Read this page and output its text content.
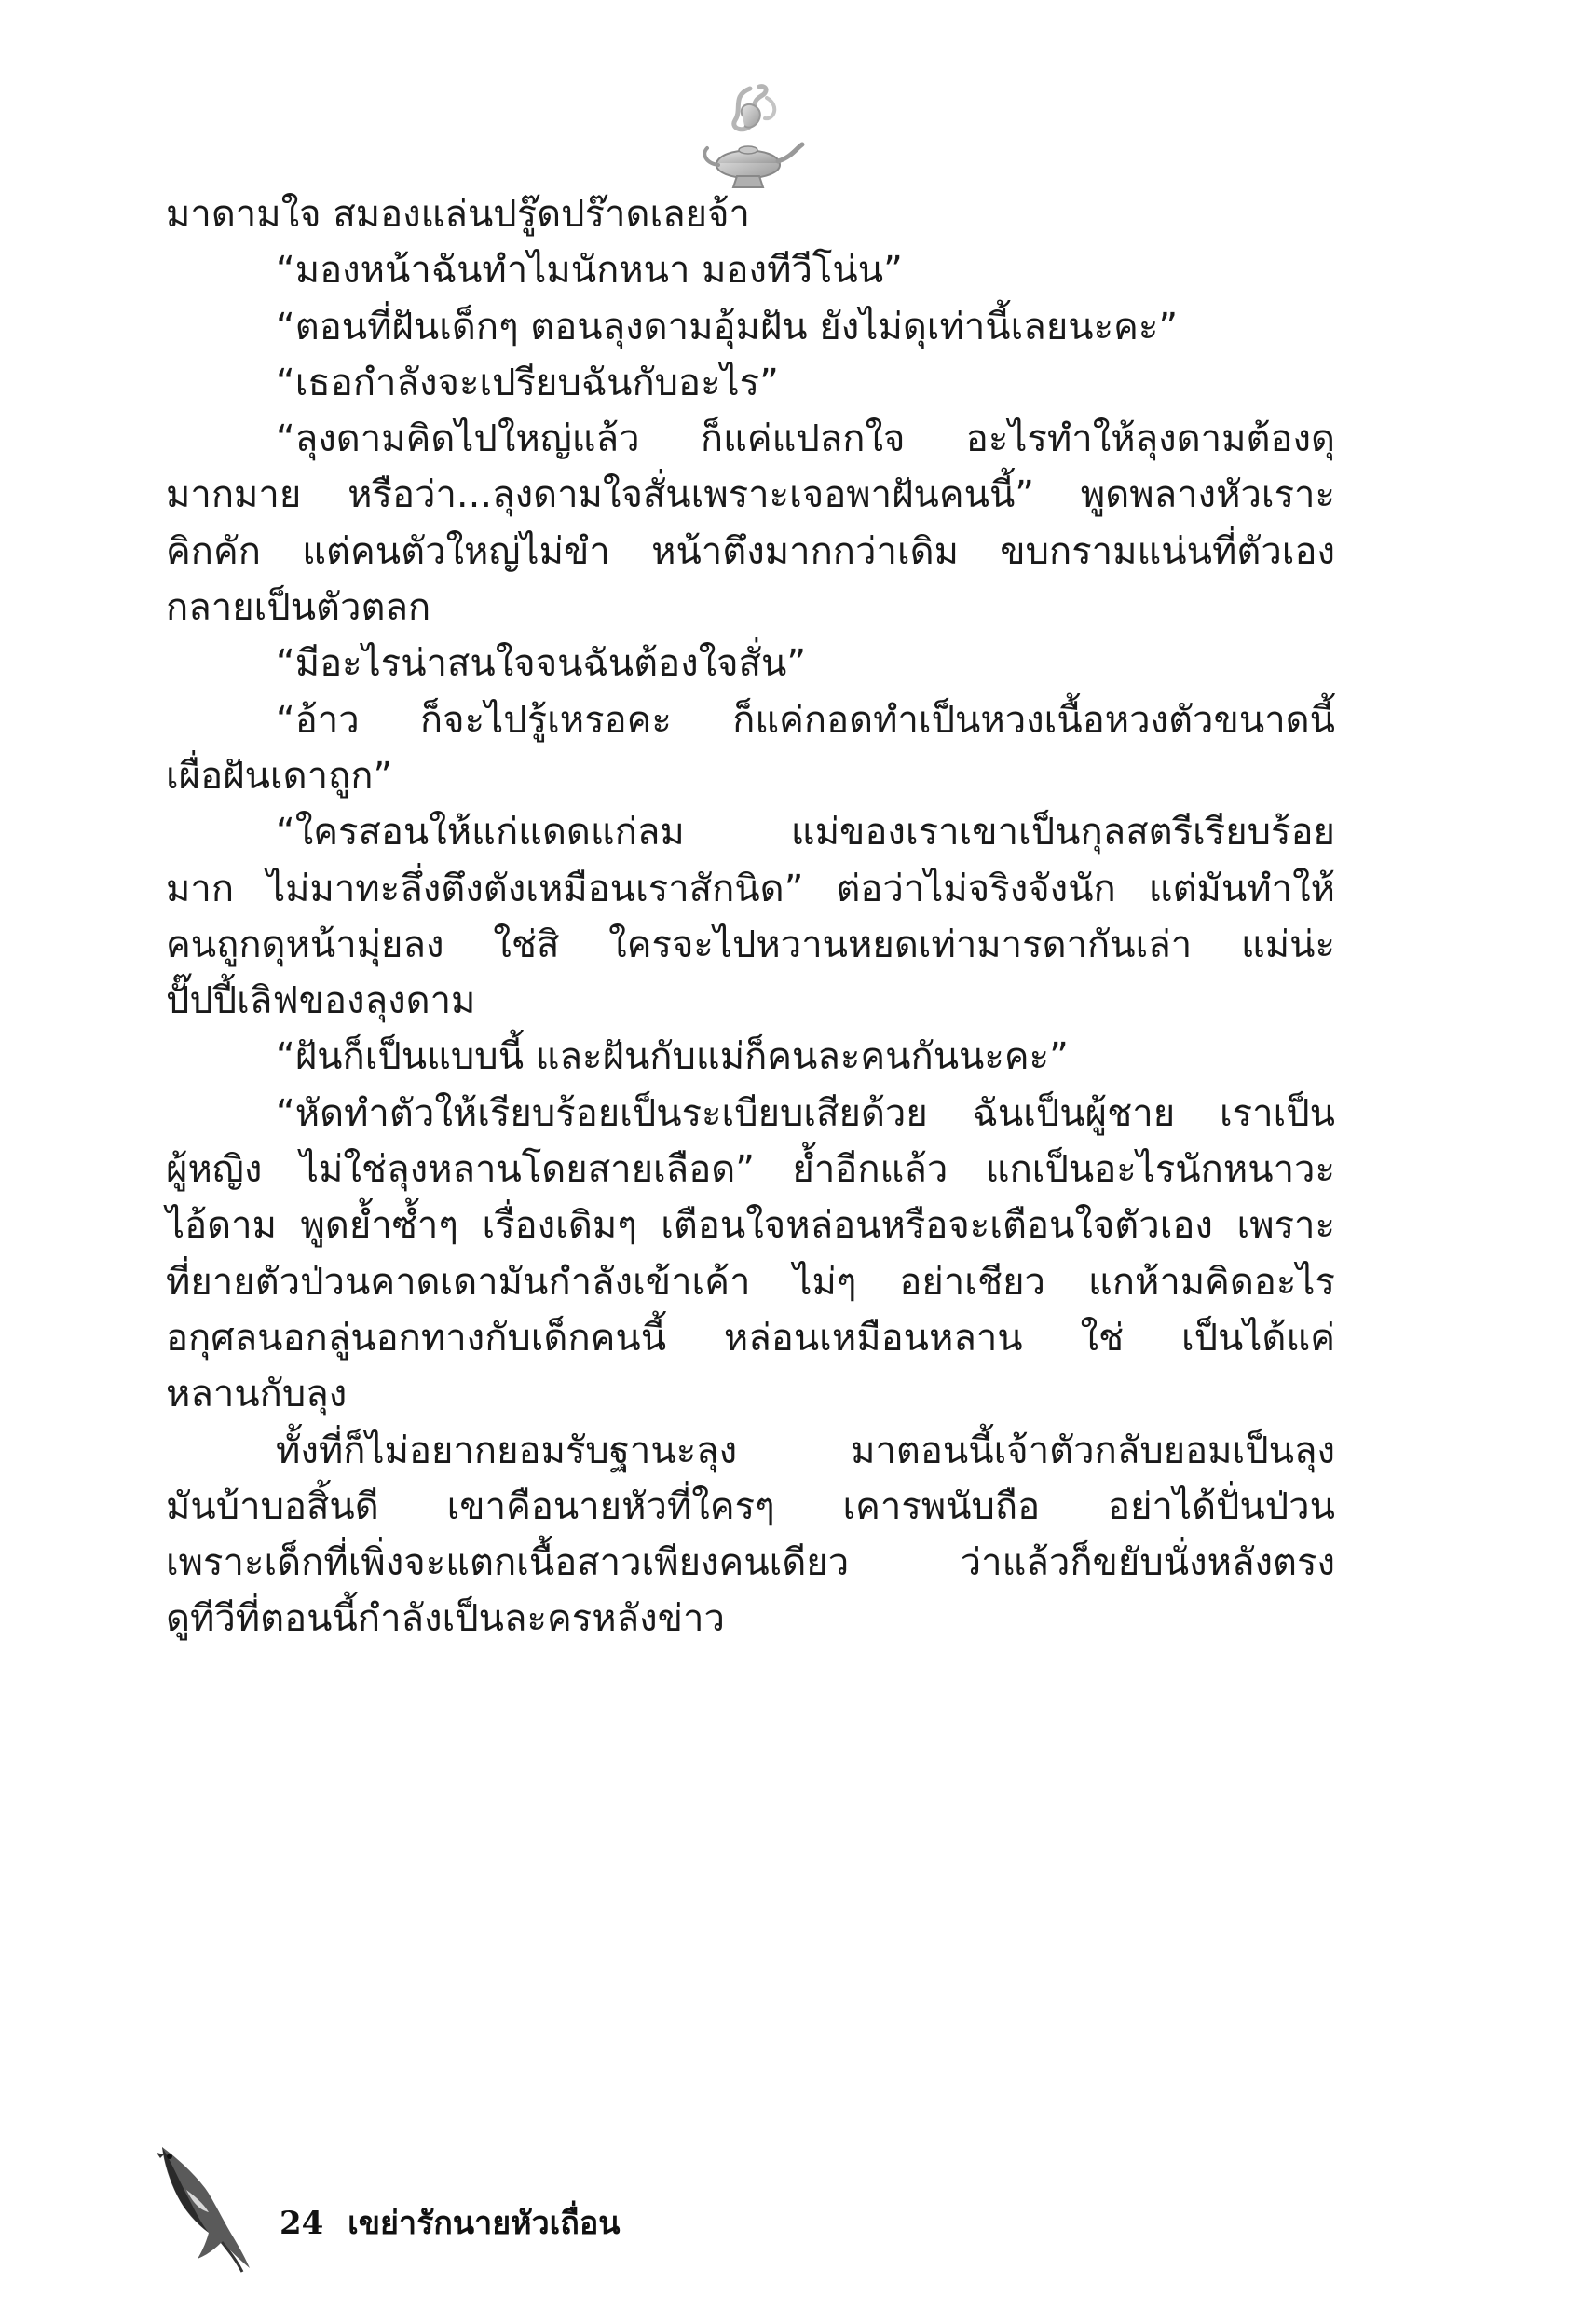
มาดามใจ สมองแล่นปรู๊ดปร๊าดเลยจ้า
“มองหน้าฉันทำไมนักหนา มองทีวีโน่น”
“ตอนที่ฝันเด็กๆ ตอนลุงดามอุ้มฝัน ยังไม่ดุเท่านี้เลยนะคะ”
“เธอกำลังจะเปรียบฉันกับอะไร”
“ลุงดามคิดไปใหญ่แล้ว ก็แค่แปลกใจ อะไรทำให้ลุงดามต้องดุ
มากมาย หรือว่า...ลุงดามใจสั่นเพราะเจอพาฝันคนนี้” พูดพลางหัวเราะ
คิกคัก แต่คนตัวใหญ่ไม่ขำ หน้าตึงมากกว่าเดิม ขบกรามแน่นที่ตัวเอง
กลายเป็นตัวตลก
“มีอะไรน่าสนใจจนฉันต้องใจสั่น”
“อ้าว ก็จะไปรู้เหรอคะ ก็แค่กอดทำเป็นหวงเนื้อหวงตัวขนาดนี้
เผื่อฝันเดาถูก”
“ใครสอนให้แก่แดดแก่ลม แม่ของเราเขาเป็นกุลสตรีเรียบร้อย
มาก ไม่มาทะลึ่งตึงตังเหมือนเราสักนิด” ต่อว่าไม่จริงจังนัก แต่มันทำให้
คนถูกดุหน้ามุ่ยลง ใช่สิ ใครจะไปหวานหยดเท่ามารดากันเล่า แม่น่ะ
ปั๊ปปี้เลิฟของลุงดาม
“ฝันก็เป็นแบบนี้ และฝันกับแม่ก็คนละคนกันนะคะ”
“หัดทำตัวให้เรียบร้อยเป็นระเบียบเสียด้วย ฉันเป็นผู้ชาย เราเป็น
ผู้หญิง ไม่ใช่ลุงหลานโดยสายเลือด” ย้ำอีกแล้ว แกเป็นอะไรนักหนาวะ
ไอ้ดาม พูดย้ำซ้ำๆ เรื่องเดิมๆ เตือนใจหล่อนหรือจะเตือนใจตัวเอง เพราะ
ที่ยายตัวป่วนคาดเดามันกำลังเข้าเค้า ไม่ๆ อย่าเชียว แกห้ามคิดอะไร
อกุศลนอกลู่นอกทางกับเด็กคนนี้ หล่อนเหมือนหลาน ใช่ เป็นได้แค่
หลานกับลุง
ทั้งที่ก็ไม่อยากยอมรับฐานะลุง มาตอนนี้เจ้าตัวกลับยอมเป็นลุง
มันบ้าบอสิ้นดี เขาคือนายหัวที่ใครๆ เคารพนับถือ อย่าได้ปั่นป่วน
เพราะเด็กที่เพิ่งจะแตกเนื้อสาวเพียงคนเดียว ว่าแล้วก็ขยับนั่งหลังตรง
ดูทีวีที่ตอนนี้กำลังเป็นละครหลังข่าว
24 เขย่ารักนายหัวเถื่อน
